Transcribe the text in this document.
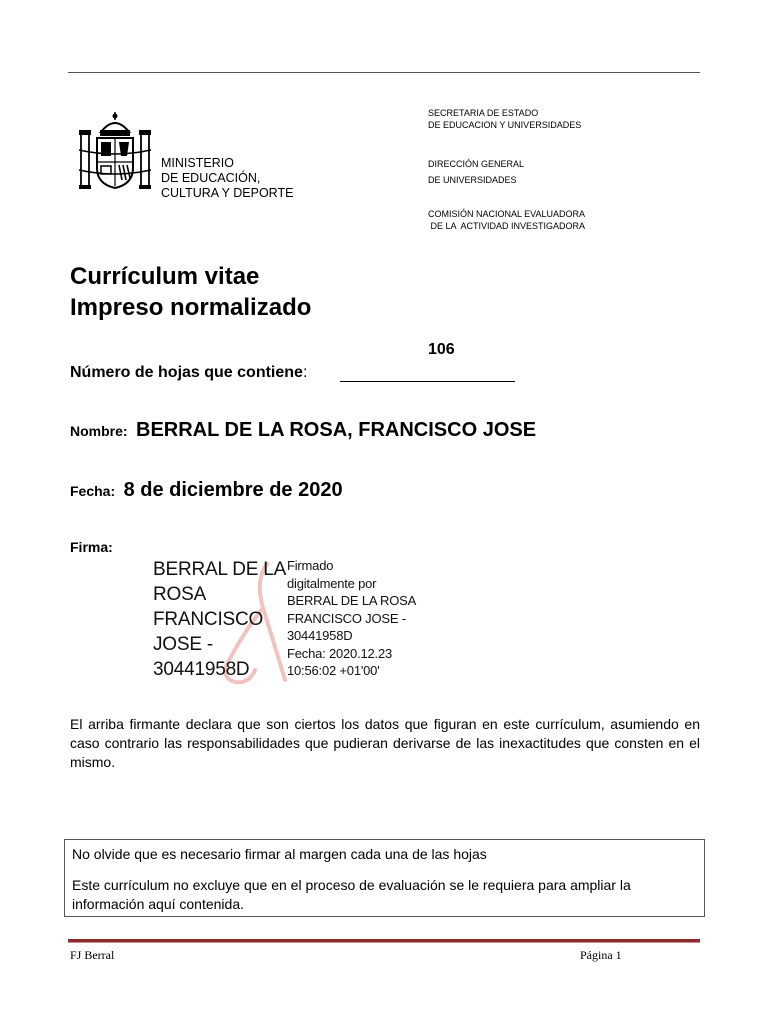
MINISTERIO
DE EDUCACIÓN,
CULTURA Y DEPORTE
SECRETARIA DE ESTADO
DE EDUCACION Y UNIVERSIDADES
DIRECCIÓN GENERAL
DE UNIVERSIDADES
COMISIÓN NACIONAL EVALUADORA
DE LA  ACTIVIDAD INVESTIGADORA
Currículum vitae
Impreso normalizado
106
Número de hojas que contiene:
Nombre: BERRAL DE LA ROSA, FRANCISCO JOSE
Fecha: 8 de diciembre de 2020
Firma:
BERRAL DE LA
ROSA
FRANCISCO
JOSE -
30441958D
Firmado
digitalmente por
BERRAL DE LA ROSA
FRANCISCO JOSE -
30441958D
Fecha: 2020.12.23
10:56:02 +01'00'
El arriba firmante declara que son ciertos los datos que figuran en este currículum, asumiendo en caso contrario las responsabilidades que pudieran derivarse de las inexactitudes que consten en el mismo.

No olvide que es necesario firmar al margen cada una de las hojas

Este currículum no excluye que en el proceso de evaluación se le requiera para ampliar la información aquí contenida.

FJ Berral	Página 1
